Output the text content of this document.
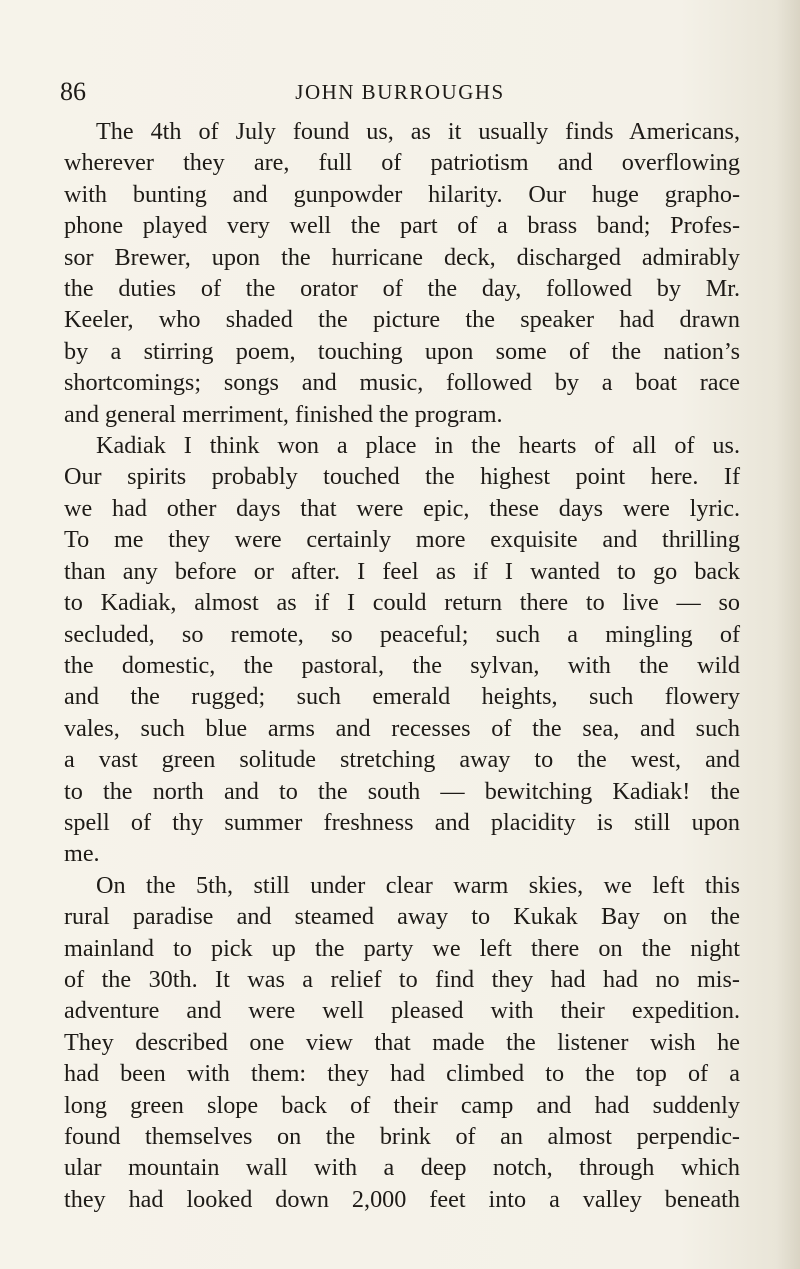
86	JOHN BURROUGHS
The 4th of July found us, as it usually finds Americans,
wherever they are, full of patriotism and overflowing
with bunting and gunpowder hilarity. Our huge grapho-
phone played very well the part of a brass band; Profes-
sor Brewer, upon the hurricane deck, discharged admirably
the duties of the orator of the day, followed by Mr.
Keeler, who shaded the picture the speaker had drawn
by a stirring poem, touching upon some of the nation’s
shortcomings; songs and music, followed by a boat race
and general merriment, finished the program.
Kadiak I think won a place in the hearts of all of us.
Our spirits probably touched the highest point here. If
we had other days that were epic, these days were lyric.
To me they were certainly more exquisite and thrilling
than any before or after. I feel as if I wanted to go back
to Kadiak, almost as if I could return there to live — so
secluded, so remote, so peaceful; such a mingling of
the domestic, the pastoral, the sylvan, with the wild
and the rugged; such emerald heights, such flowery
vales, such blue arms and recesses of the sea, and such
a vast green solitude stretching away to the west, and
to the north and to the south — bewitching Kadiak! the
spell of thy summer freshness and placidity is still upon
me.
On the 5th, still under clear warm skies, we left this
rural paradise and steamed away to Kukak Bay on the
mainland to pick up the party we left there on the night
of the 30th. It was a relief to find they had had no mis-
adventure and were well pleased with their expedition.
They described one view that made the listener wish he
had been with them: they had climbed to the top of a
long green slope back of their camp and had suddenly
found themselves on the brink of an almost perpendic-
ular mountain wall with a deep notch, through which
they had looked down 2,000 feet into a valley beneath
